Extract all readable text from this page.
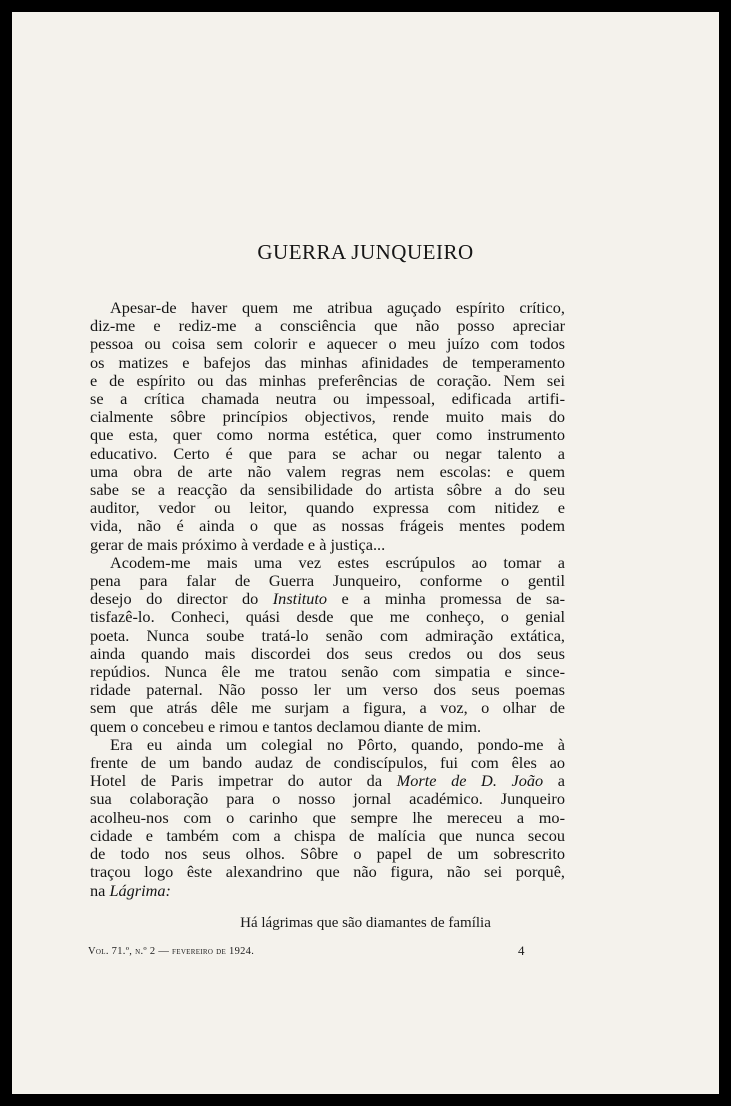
GUERRA JUNQUEIRO
Apesar-de haver quem me atribua aguçado espírito crítico,
diz-me e rediz-me a consciência que não posso apreciar
pessoa ou coisa sem colorir e aquecer o meu juízo com todos
os matizes e bafejos das minhas afinidades de temperamento
e de espírito ou das minhas preferências de coração. Nem sei
se a crítica chamada neutra ou impessoal, edificada artifi-
cialmente sôbre princípios objectivos, rende muito mais do
que esta, quer como norma estética, quer como instrumento
educativo. Certo é que para se achar ou negar talento a
uma obra de arte não valem regras nem escolas: e quem
sabe se a reacção da sensibilidade do artista sôbre a do seu
auditor, vedor ou leitor, quando expressa com nitidez e
vida, não é ainda o que as nossas frágeis mentes podem
gerar de mais próximo à verdade e à justiça...
Acodem-me mais uma vez estes escrúpulos ao tomar a
pena para falar de Guerra Junqueiro, conforme o gentil
desejo do director do Instituto e a minha promessa de sa-
tisfazê-lo. Conheci, quási desde que me conheço, o genial
poeta. Nunca soube tratá-lo senão com admiração extática,
ainda quando mais discordei dos seus credos ou dos seus
repúdios. Nunca êle me tratou senão com simpatia e since-
ridade paternal. Não posso ler um verso dos seus poemas
sem que atrás dêle me surjam a figura, a voz, o olhar de
quem o concebeu e rimou e tantos declamou diante de mim.
Era eu ainda um colegial no Pôrto, quando, pondo-me à
frente de um bando audaz de condiscípulos, fui com êles ao
Hotel de Paris impetrar do autor da Morte de D. João a
sua colaboração para o nosso jornal académico. Junqueiro
acolheu-nos com o carinho que sempre lhe mereceu a mo-
cidade e também com a chispa de malícia que nunca secou
de todo nos seus olhos. Sôbre o papel de um sobrescrito
traçou logo êste alexandrino que não figura, não sei porquê,
na Lágrima:

Há lágrimas que são diamantes de família

Vol. 71.º, n.º 2 — fevereiro de 1924.	4
